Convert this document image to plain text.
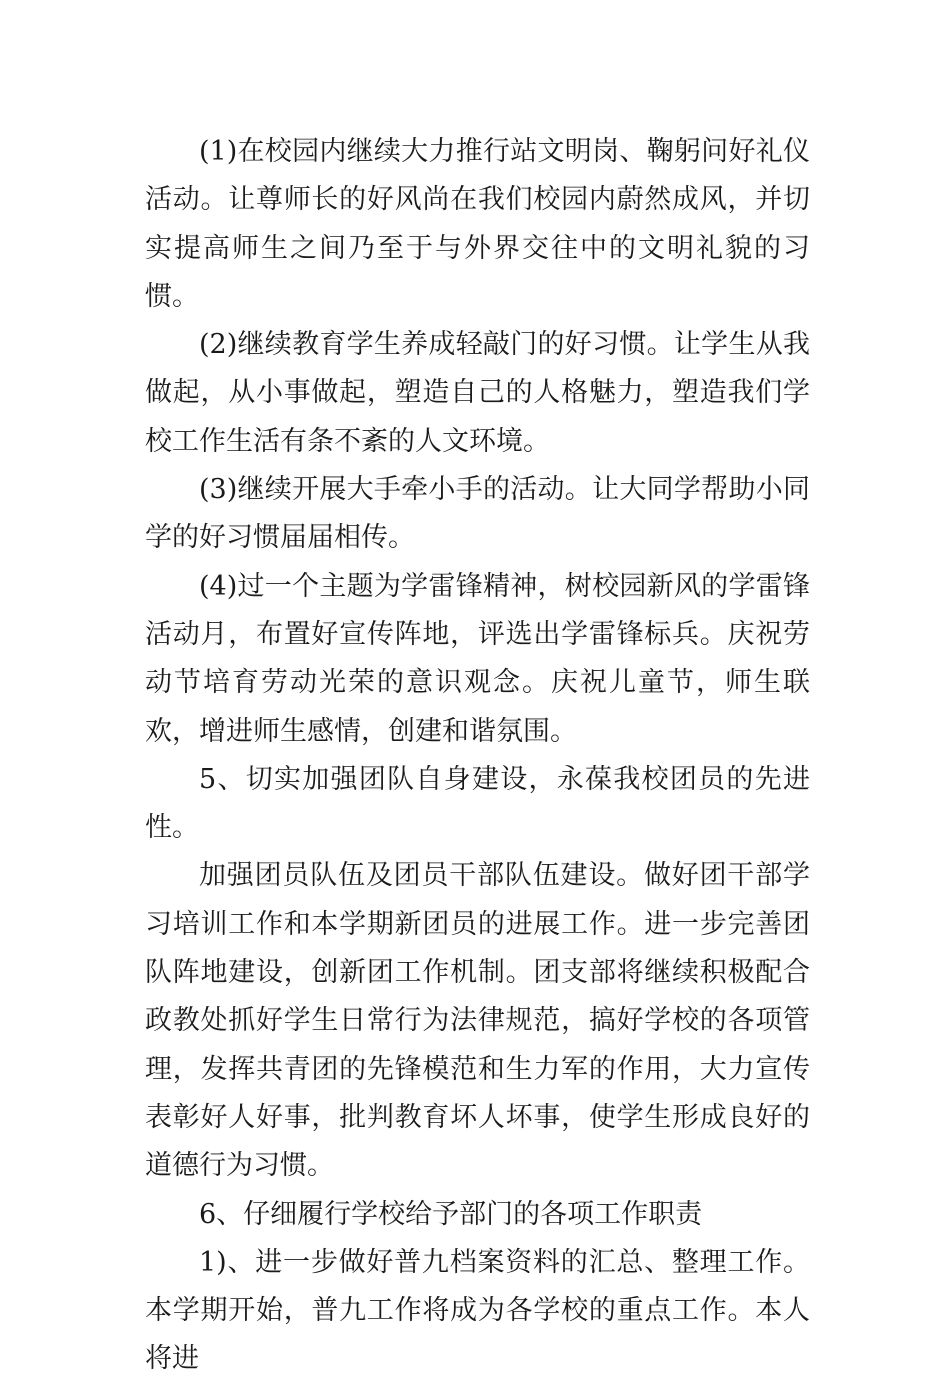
(1)在校园内继续大力推行站文明岗、鞠躬问好礼仪活动。让尊师长的好风尚在我们校园内蔚然成风，并切实提高师生之间乃至于与外界交往中的文明礼貌的习惯。

(2)继续教育学生养成轻敲门的好习惯。让学生从我做起，从小事做起，塑造自己的人格魅力，塑造我们学校工作生活有条不紊的人文环境。

(3)继续开展大手牵小手的活动。让大同学帮助小同学的好习惯届届相传。

(4)过一个主题为学雷锋精神，树校园新风的学雷锋活动月，布置好宣传阵地，评选出学雷锋标兵。庆祝劳动节培育劳动光荣的意识观念。庆祝儿童节，师生联欢，增进师生感情，创建和谐氛围。

5、切实加强团队自身建设，永葆我校团员的先进性。

加强团员队伍及团员干部队伍建设。做好团干部学习培训工作和本学期新团员的进展工作。进一步完善团队阵地建设，创新团工作机制。团支部将继续积极配合政教处抓好学生日常行为法律规范，搞好学校的各项管理，发挥共青团的先锋模范和生力军的作用，大力宣传表彰好人好事，批判教育坏人坏事，使学生形成良好的道德行为习惯。

6、仔细履行学校给予部门的各项工作职责

1)、进一步做好普九档案资料的汇总、整理工作。本学期开始，普九工作将成为各学校的重点工作。本人将进
